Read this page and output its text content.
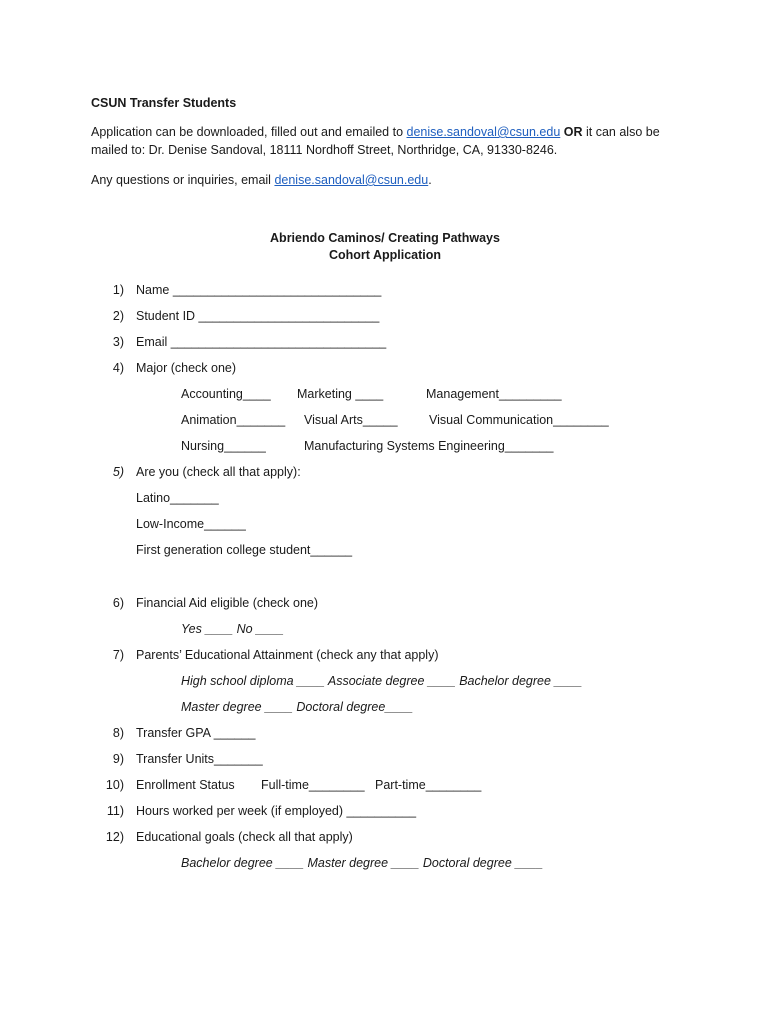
CSUN Transfer Students
Application can be downloaded, filled out and emailed to denise.sandoval@csun.edu OR it can also be
mailed to: Dr. Denise Sandoval, 18111 Nordhoff Street, Northridge, CA, 91330-8246.
Any questions or inquiries, email denise.sandoval@csun.edu.
Abriendo Caminos/ Creating Pathways
Cohort Application
1) Name ______________________________
2) Student ID __________________________
3) Email _______________________________
4) Major (check one)
Accounting____ Marketing ____	Management_________
Animation_______ Visual Arts_____	Visual Communication________
Nursing______	Manufacturing Systems Engineering_______
5) Are you (check all that apply):
Latino_______
Low-Income______
First generation college student______
6) Financial Aid eligible (check one)
Yes ____ No ____
7) Parents’ Educational Attainment (check any that apply)
High school diploma ____ Associate degree ____ Bachelor degree ____
Master degree ____ Doctoral degree____
8) Transfer GPA ______
9) Transfer Units_______
10) Enrollment Status Full-time________ Part-time________
11) Hours worked per week (if employed) __________
12) Educational goals (check all that apply)
Bachelor degree ____ Master degree ____ Doctoral degree ____
